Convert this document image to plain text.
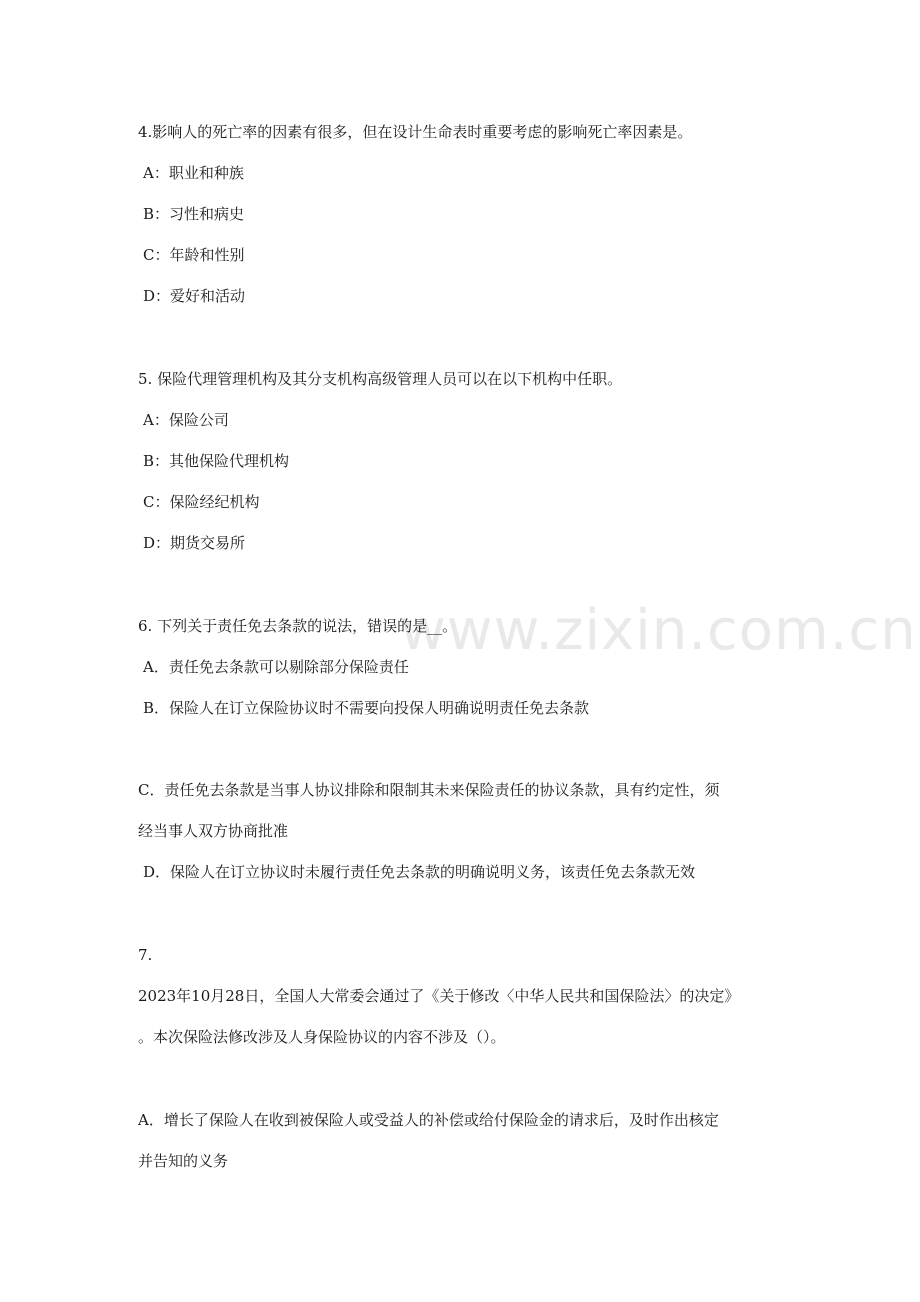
www.zixin.com.cn
4.影响人的死亡率的因素有很多，但在设计生命表时重要考虑的影响死亡率因素是。
A：职业和种族
B：习性和病史
C：年龄和性别
D：爱好和活动
5. 保险代理管理机构及其分支机构高级管理人员可以在以下机构中任职。
A：保险公司
B：其他保险代理机构
C：保险经纪机构
D：期货交易所
6. 下列关于责任免去条款的说法，错误的是__。
A．责任免去条款可以剔除部分保险责任
B．保险人在订立保险协议时不需要向投保人明确说明责任免去条款
C．责任免去条款是当事人协议排除和限制其未来保险责任的协议条款，具有约定性，须
经当事人双方协商批准
D．保险人在订立协议时未履行责任免去条款的明确说明义务，该责任免去条款无效
7.
2023年10月28日，全国人大常委会通过了《关于修改〈中华人民共和国保险法〉的决定》
。本次保险法修改涉及人身保险协议的内容不涉及（）。
A．增长了保险人在收到被保险人或受益人的补偿或给付保险金的请求后，及时作出核定
并告知的义务
